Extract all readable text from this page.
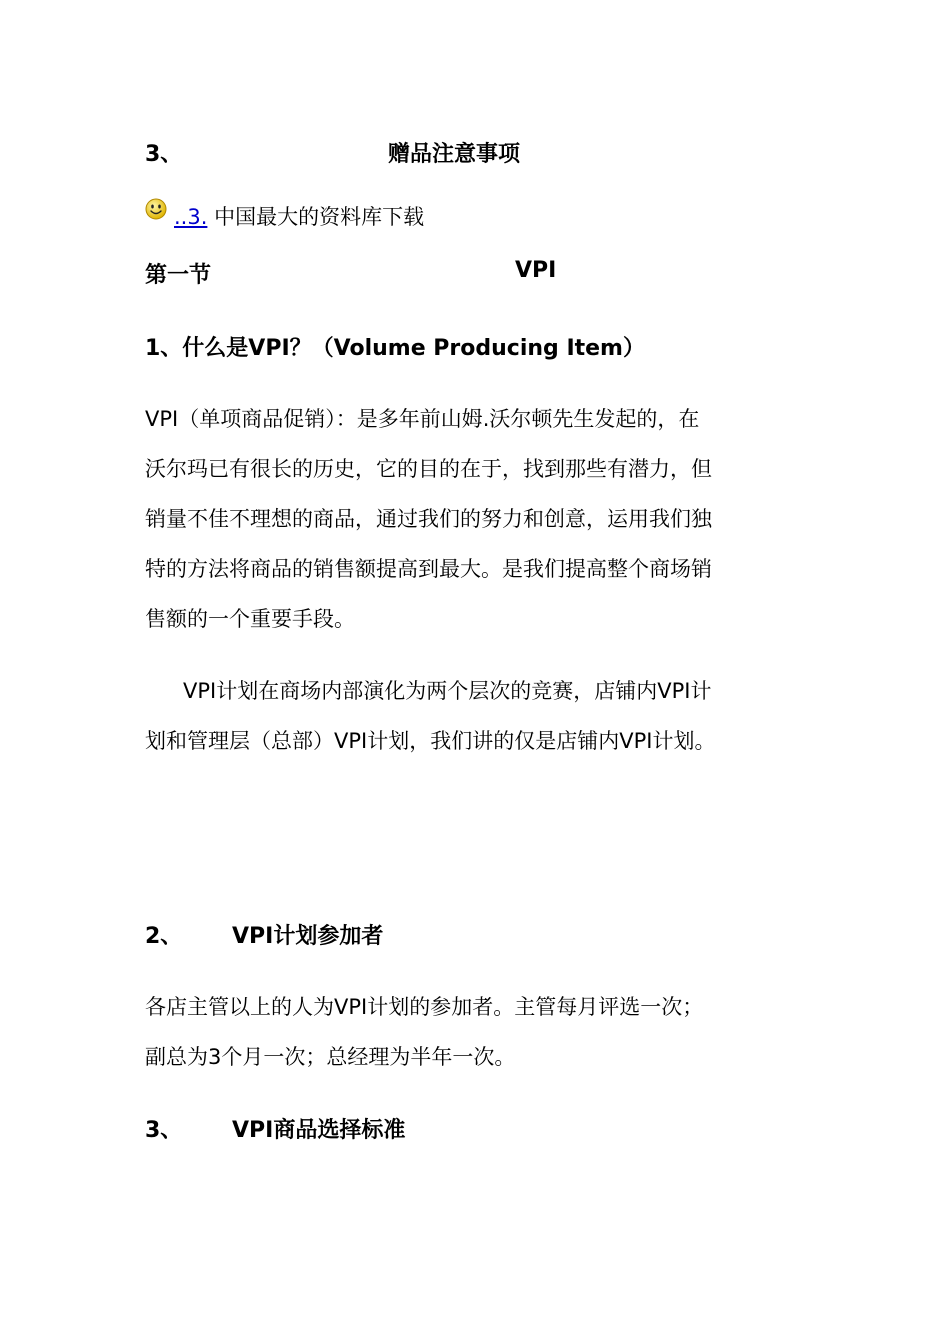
3、	赠品注意事项
..3. 中国最大的资料库下载
第一节	VPI
1、什么是VPI？（Volume Producing Item）
VPI（单项商品促销）：是多年前山姆.沃尔顿先生发起的，在
沃尔玛已有很长的历史，它的目的在于，找到那些有潜力，但
销量不佳不理想的商品，通过我们的努力和创意，运用我们独
特的方法将商品的销售额提高到最大。是我们提高整个商场销
售额的一个重要手段。
VPI计划在商场内部演化为两个层次的竞赛，店铺内VPI计
划和管理层（总部）VPI计划，我们讲的仅是店铺内VPI计划。
2、 VPI计划参加者
各店主管以上的人为VPI计划的参加者。主管每月评选一次；
副总为3个月一次；总经理为半年一次。
3、 VPI商品选择标准
